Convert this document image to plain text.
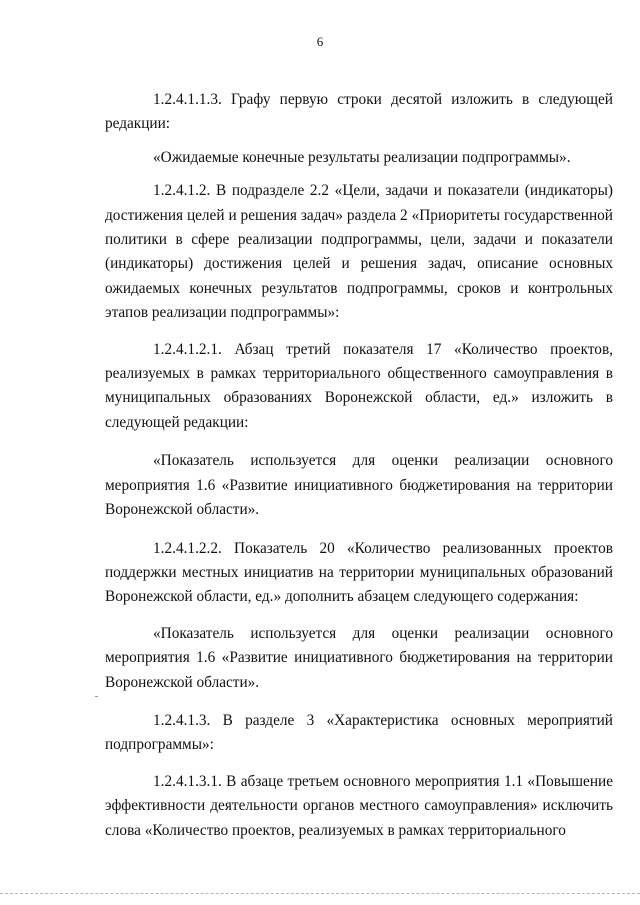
6

1.2.4.1.1.3. Графу первую строки десятой изложить в следующей редакции:

«Ожидаемые конечные результаты реализации подпрограммы».

1.2.4.1.2. В подразделе 2.2 «Цели, задачи и показатели (индикаторы) достижения целей и решения задач» раздела 2 «Приоритеты государственной политики в сфере реализации подпрограммы, цели, задачи и показатели (индикаторы) достижения целей и решения задач, описание основных ожидаемых конечных результатов подпрограммы, сроков и контрольных этапов реализации подпрограммы»:

1.2.4.1.2.1. Абзац третий показателя 17 «Количество проектов, реализуемых в рамках территориального общественного самоуправления в муниципальных образованиях Воронежской области, ед.» изложить в следующей редакции:

«Показатель используется для оценки реализации основного мероприятия 1.6 «Развитие инициативного бюджетирования на территории Воронежской области».

1.2.4.1.2.2. Показатель 20 «Количество реализованных проектов поддержки местных инициатив на территории муниципальных образований Воронежской области, ед.» дополнить абзацем следующего содержания:

«Показатель используется для оценки реализации основного мероприятия 1.6 «Развитие инициативного бюджетирования на территории Воронежской области».

1.2.4.1.3. В разделе 3 «Характеристика основных мероприятий подпрограммы»:

1.2.4.1.3.1. В абзаце третьем основного мероприятия 1.1 «Повышение эффективности деятельности органов местного самоуправления» исключить слова «Количество проектов, реализуемых в рамках территориального
